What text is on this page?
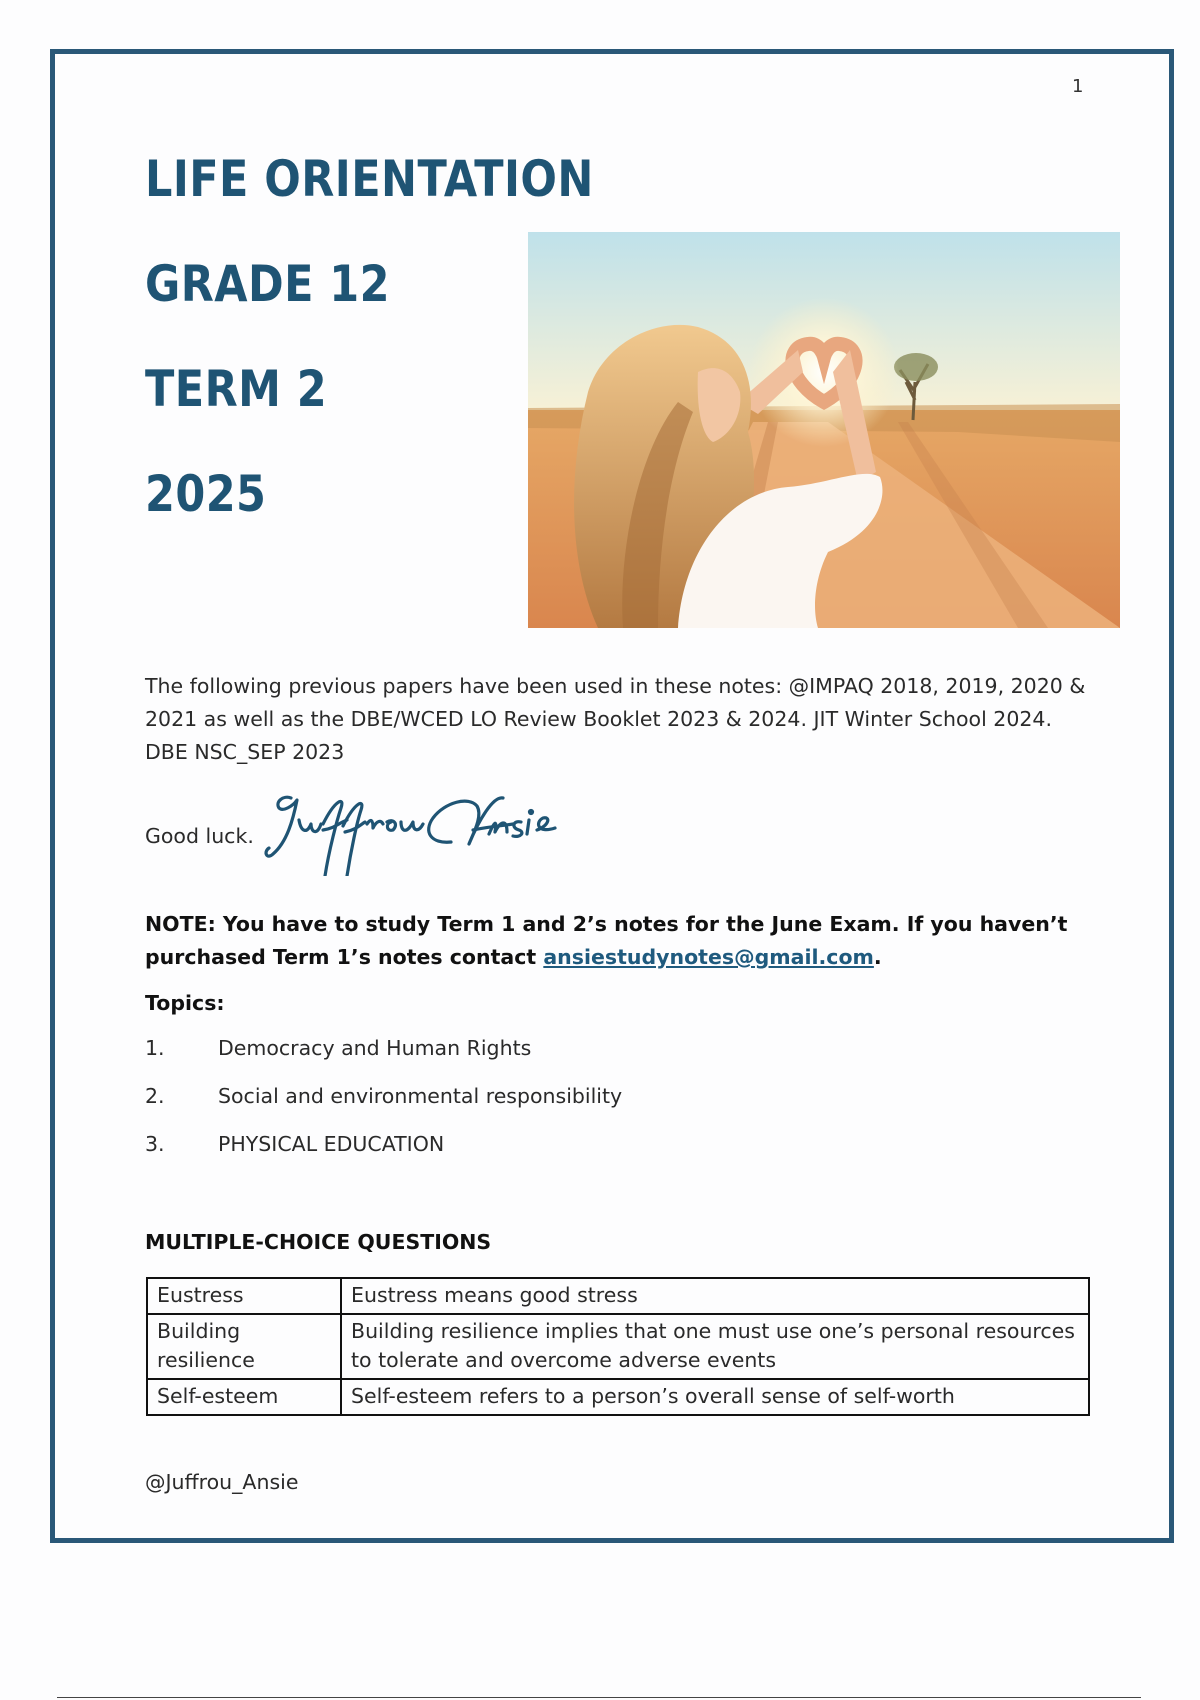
1
LIFE ORIENTATION
GRADE 12
TERM 2
2025

The following previous papers have been used in these notes: @IMPAQ 2018, 2019, 2020 & 2021 as well as the DBE/WCED LO Review Booklet 2023 & 2024. JIT Winter School 2024. DBE NSC_SEP 2023

Good luck.

NOTE: You have to study Term 1 and 2’s notes for the June Exam. If you haven’t purchased Term 1’s notes contact ansiestudynotes@gmail.com.

Topics:
1.	Democracy and Human Rights
2.	Social and environmental responsibility
3.	PHYSICAL EDUCATION
MULTIPLE-CHOICE QUESTIONS
Eustress	Eustress means good stress
Building resilience	Building resilience implies that one must use one’s personal resources to tolerate and overcome adverse events
Self-esteem	Self-esteem refers to a person’s overall sense of self-worth
@Juffrou_Ansie
